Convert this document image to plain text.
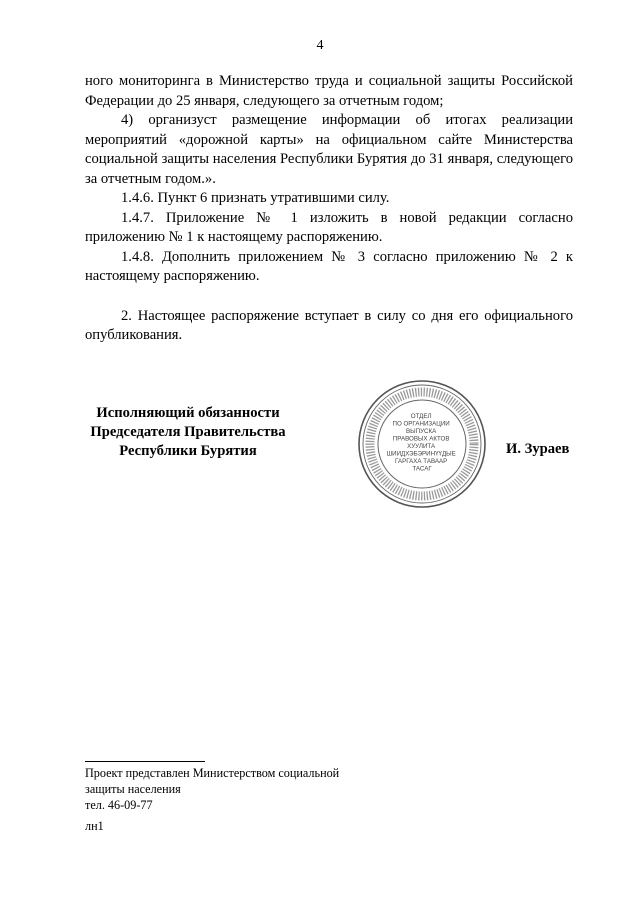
4

ного мониторинга в Министерство труда и социальной защиты Российской Федерации до 25 января, следующего за отчетным годом;

4) организуст размещение информации об итогах реализации мероприятий «дорожной карты» на официальном сайте Министерства социальной защиты населения Республики Бурятия до 31 января, следующего за отчетным годом.».

1.4.6. Пункт 6 признать утратившими силу.

1.4.7. Приложение № 1 изложить в новой редакции согласно приложению № 1 к настоящему распоряжению.

1.4.8. Дополнить приложением № 3 согласно приложению № 2 к настоящему распоряжению.

2. Настоящее распоряжение вступает в силу со дня его официального опубликования.

Исполняющий обязанности
Председателя Правительства
Республики Бурятия
ОТДЕЛ ПО ОРГАНИЗАЦИИ ВЫПУСКА ПРАВОВЫХ АКТОВ ХУУЛИТА ШИИДХЭБЭРИНҮҮДЫЕ ГАРГАХА ТАВААР ТАСАГ
И. Зураев
Проект представлен Министерством социальной
защиты населения
тел. 46-09-77
лн1
